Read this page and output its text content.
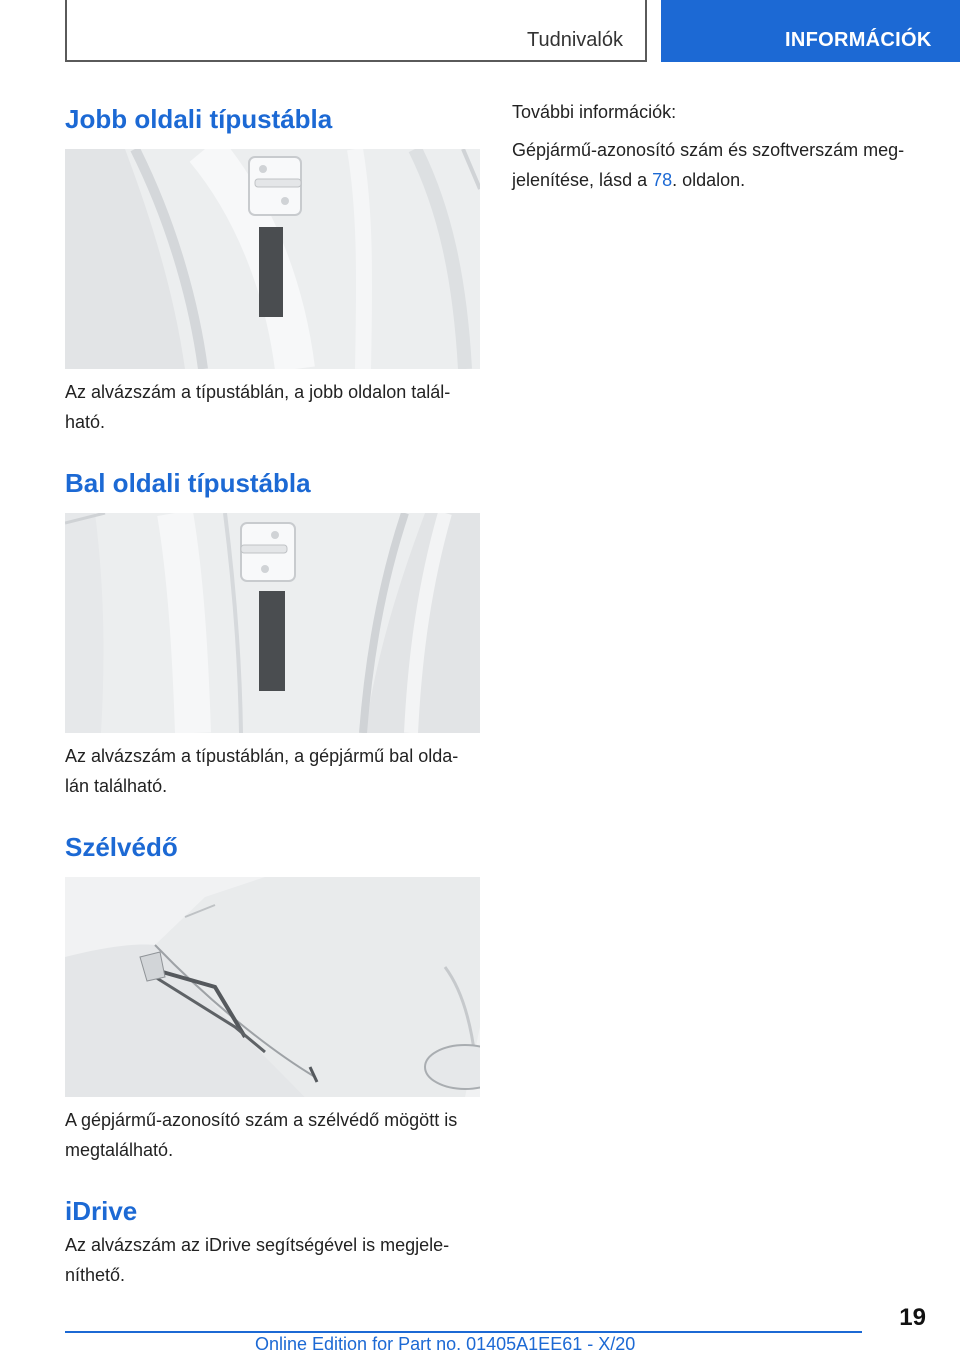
Tudnivalók	INFORMÁCIÓK
Jobb oldali típustábla

Az alvázszám a típustáblán, a jobb oldalon talál-
ható.

Bal oldali típustábla

Az alvázszám a típustáblán, a gépjármű bal olda-
lán található.

Szélvédő

A gépjármű-azonosító szám a szélvédő mögött is
megtalálható.

iDrive

Az alvázszám az iDrive segítségével is megjele-
níthető.

További információk:

Gépjármű-azonosító szám és szoftverszám meg-
jelenítése, lásd a 78. oldalon.

19
Online Edition for Part no. 01405A1EE61 - X/20
